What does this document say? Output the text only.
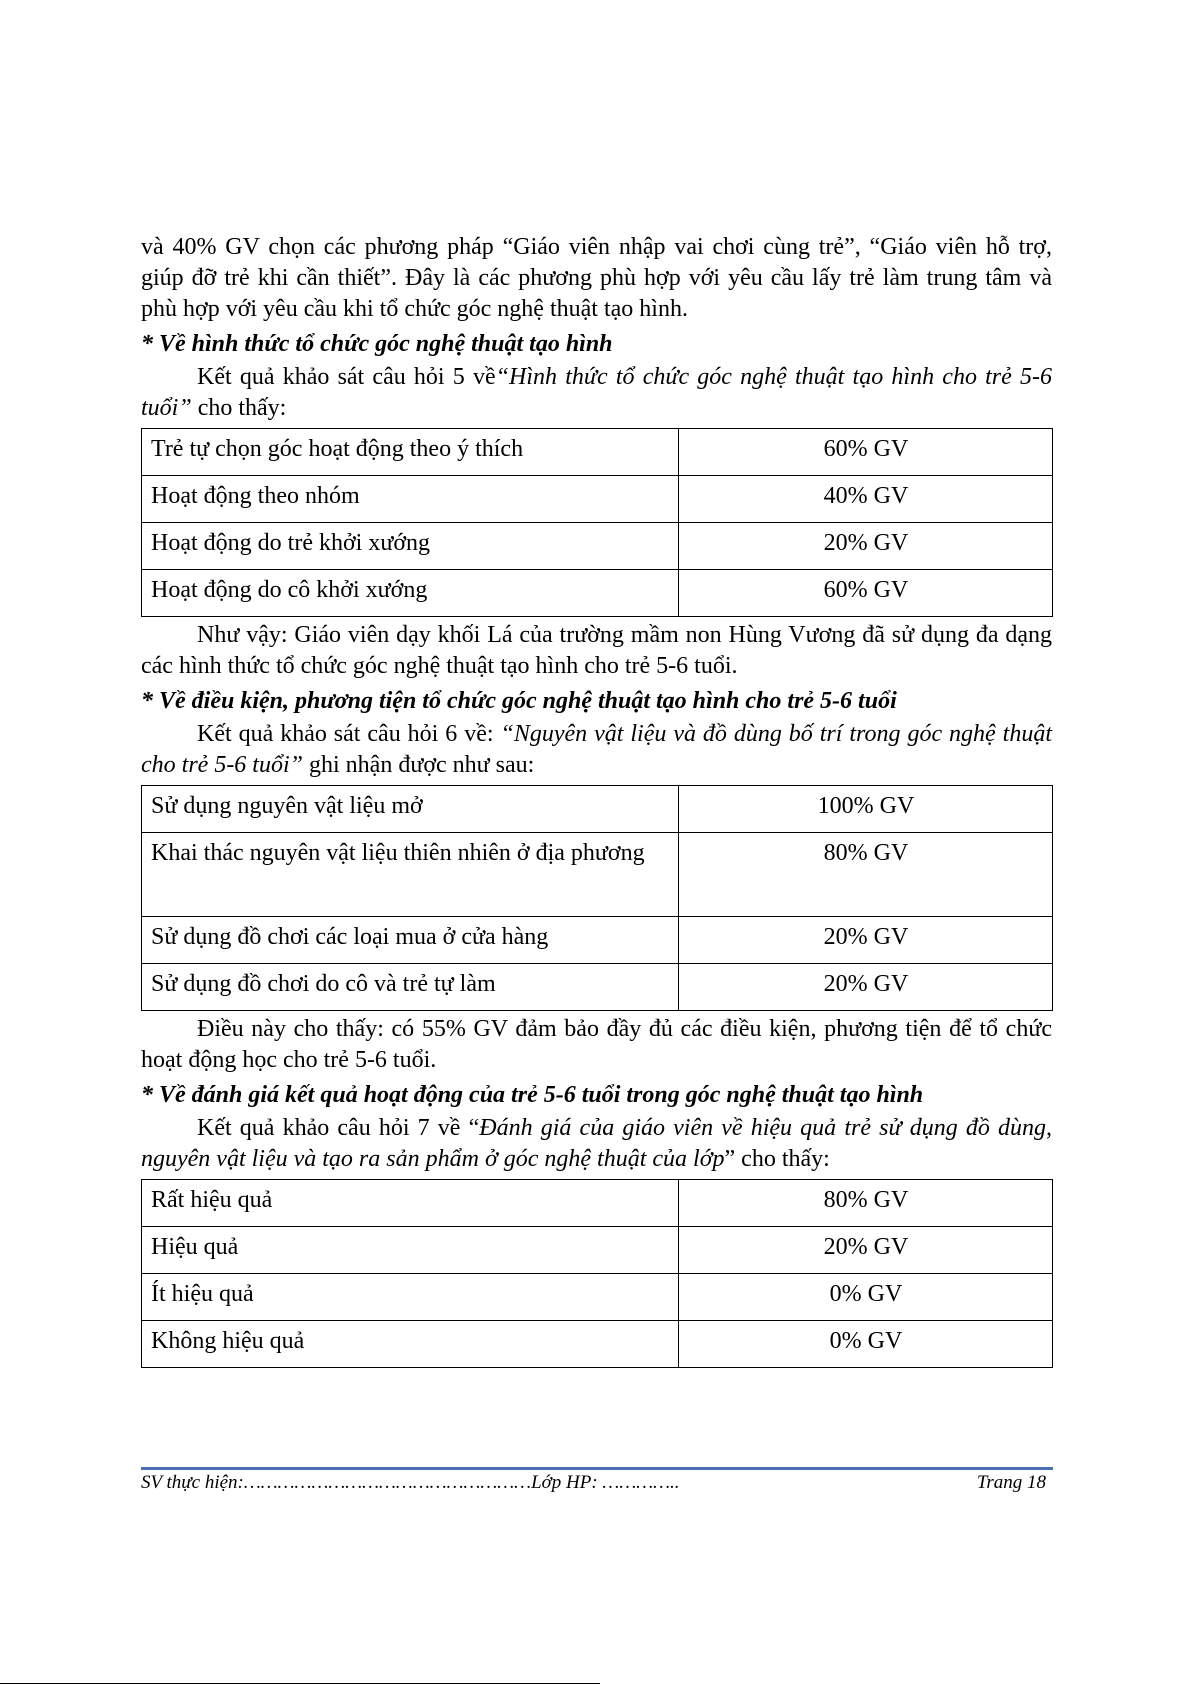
và 40% GV chọn các phương pháp “Giáo viên nhập vai chơi cùng trẻ”, “Giáo viên hỗ trợ, giúp đỡ trẻ khi cần thiết”. Đây là các phương phù hợp với yêu cầu lấy trẻ làm trung tâm và phù hợp với yêu cầu khi tổ chức góc nghệ thuật tạo hình.

* Về hình thức tổ chức góc nghệ thuật tạo hình

Kết quả khảo sát câu hỏi 5 về“Hình thức tổ chức góc nghệ thuật tạo hình cho trẻ 5-6 tuổi” cho thấy:

Trẻ tự chọn góc hoạt động theo ý thích	60% GV
Hoạt động theo nhóm	40% GV
Hoạt động do trẻ khởi xướng	20% GV
Hoạt động do cô khởi xướng	60% GV

Như vậy: Giáo viên dạy khối Lá của trường mầm non Hùng Vương đã sử dụng đa dạng các hình thức tổ chức góc nghệ thuật tạo hình cho trẻ 5-6 tuổi.

* Về điều kiện, phương tiện tổ chức góc nghệ thuật tạo hình cho trẻ 5-6 tuổi

Kết quả khảo sát câu hỏi 6 về: “Nguyên vật liệu và đồ dùng bố trí trong góc nghệ thuật cho trẻ 5-6 tuổi” ghi nhận được như sau:

Sử dụng nguyên vật liệu mở	100% GV
Khai thác nguyên vật liệu thiên nhiên ở địa phương	80% GV
Sử dụng đồ chơi các loại mua ở cửa hàng	20% GV
Sử dụng đồ chơi do cô và trẻ tự làm	20% GV

Điều này cho thấy: có 55% GV đảm bảo đầy đủ các điều kiện, phương tiện để tổ chức hoạt động học cho trẻ 5-6 tuổi.

* Về đánh giá kết quả hoạt động của trẻ 5-6 tuổi trong góc nghệ thuật tạo hình

Kết quả khảo câu hỏi 7 về “Đánh giá của giáo viên về hiệu quả trẻ sử dụng đồ dùng, nguyên vật liệu và tạo ra sản phẩm ở góc nghệ thuật của lớp” cho thấy:

Rất hiệu quả	80% GV
Hiệu quả	20% GV
Ít hiệu quả	0% GV
Không hiệu quả	0% GV
SV thực hiện:……………………………………………Lớp HP: …………..	Trang 18
